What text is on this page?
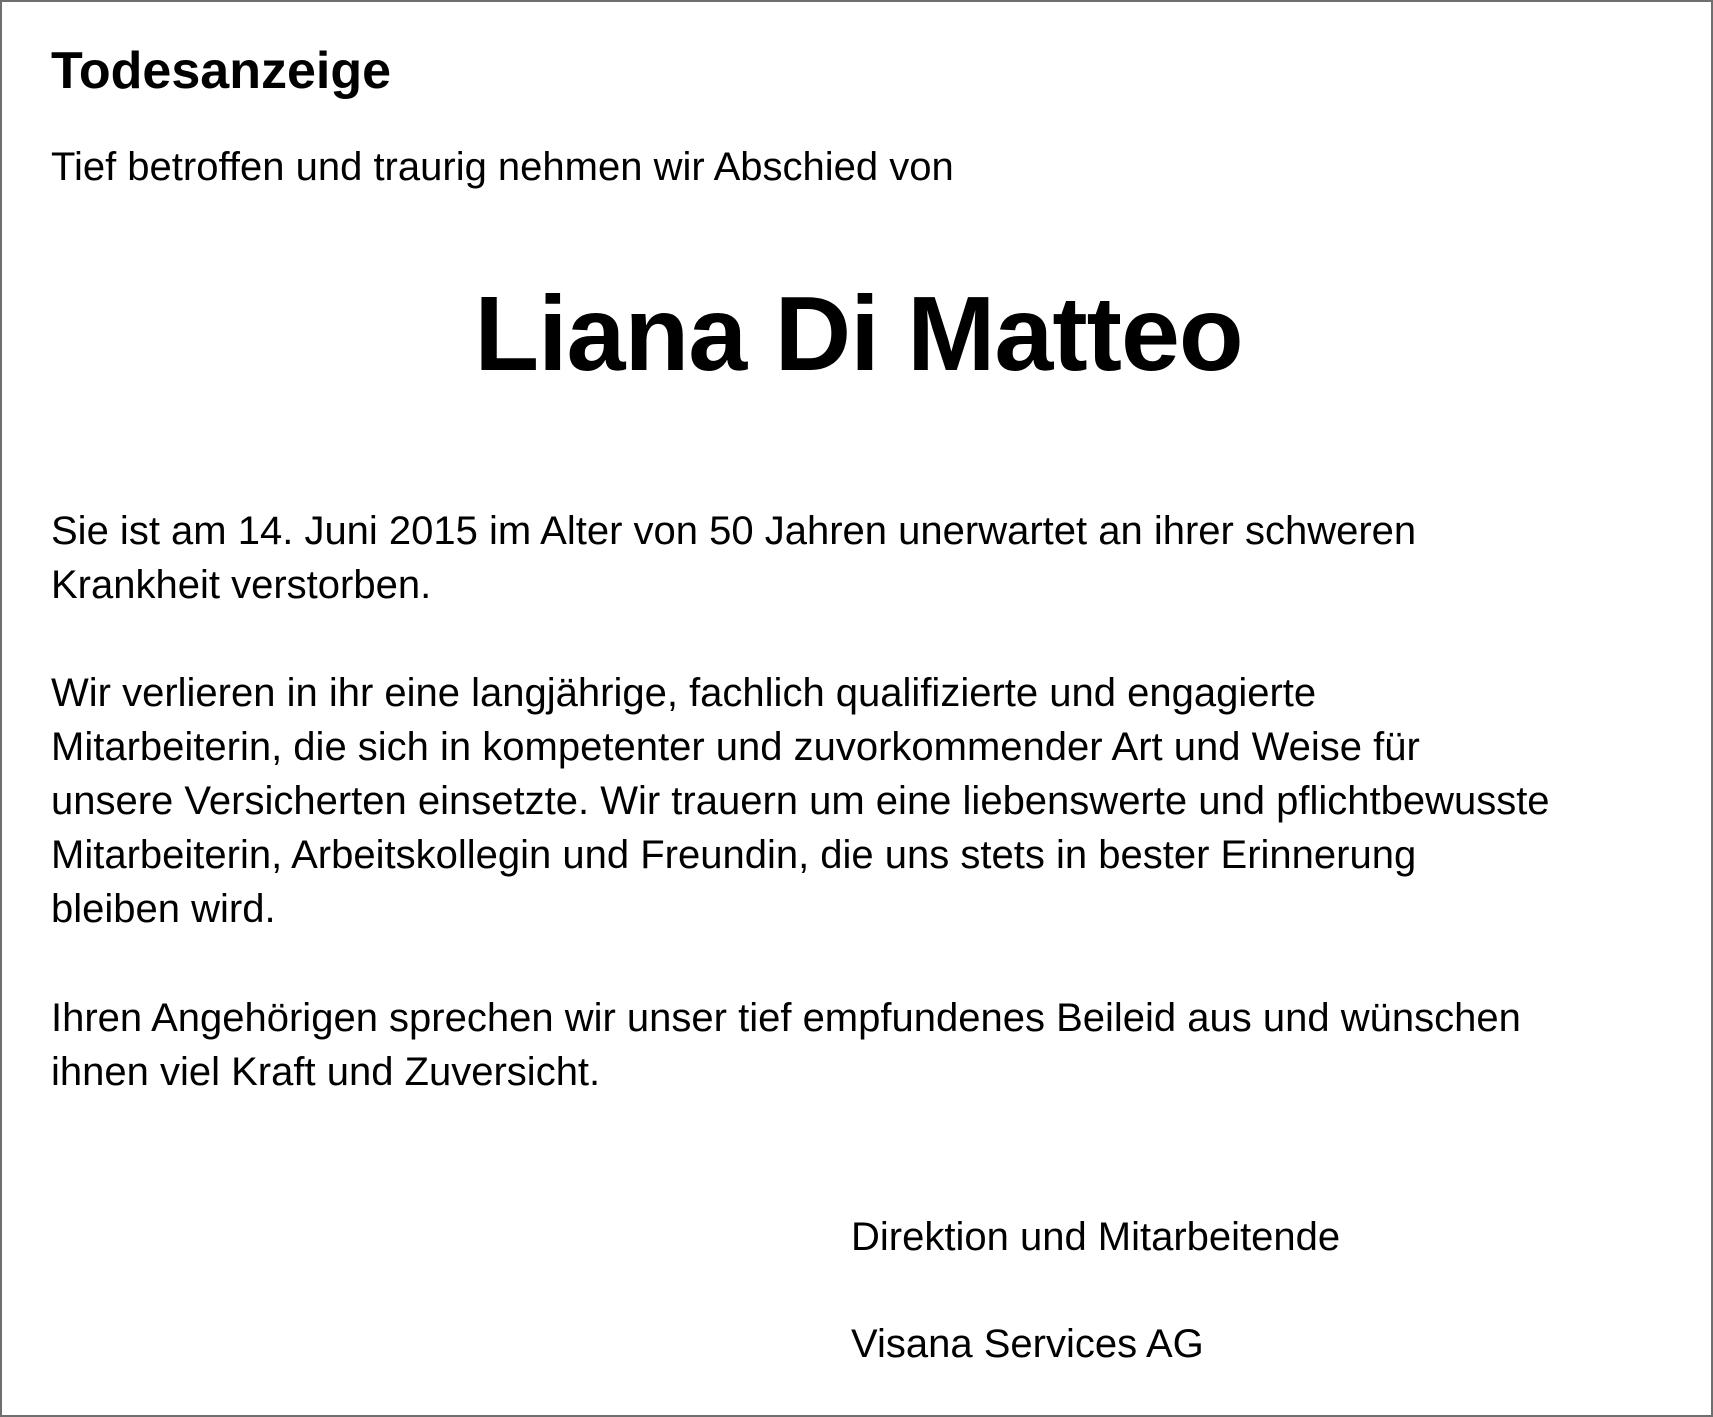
Todesanzeige
Tief betroffen und traurig nehmen wir Abschied von
Liana Di Matteo

Sie ist am 14. Juni 2015 im Alter von 50 Jahren unerwartet an ihrer schweren
Krankheit verstorben.

Wir verlieren in ihr eine langjährige, fachlich qualifizierte und engagierte
Mitarbeiterin, die sich in kompetenter und zuvorkommender Art und Weise für
unsere Versicherten einsetzte. Wir trauern um eine liebenswerte und pflichtbewusste
Mitarbeiterin, Arbeitskollegin und Freundin, die uns stets in bester Erinnerung
bleiben wird.

Ihren Angehörigen sprechen wir unser tief empfundenes Beileid aus und wünschen
ihnen viel Kraft und Zuversicht.

Direktion und Mitarbeitende
Visana Services AG
